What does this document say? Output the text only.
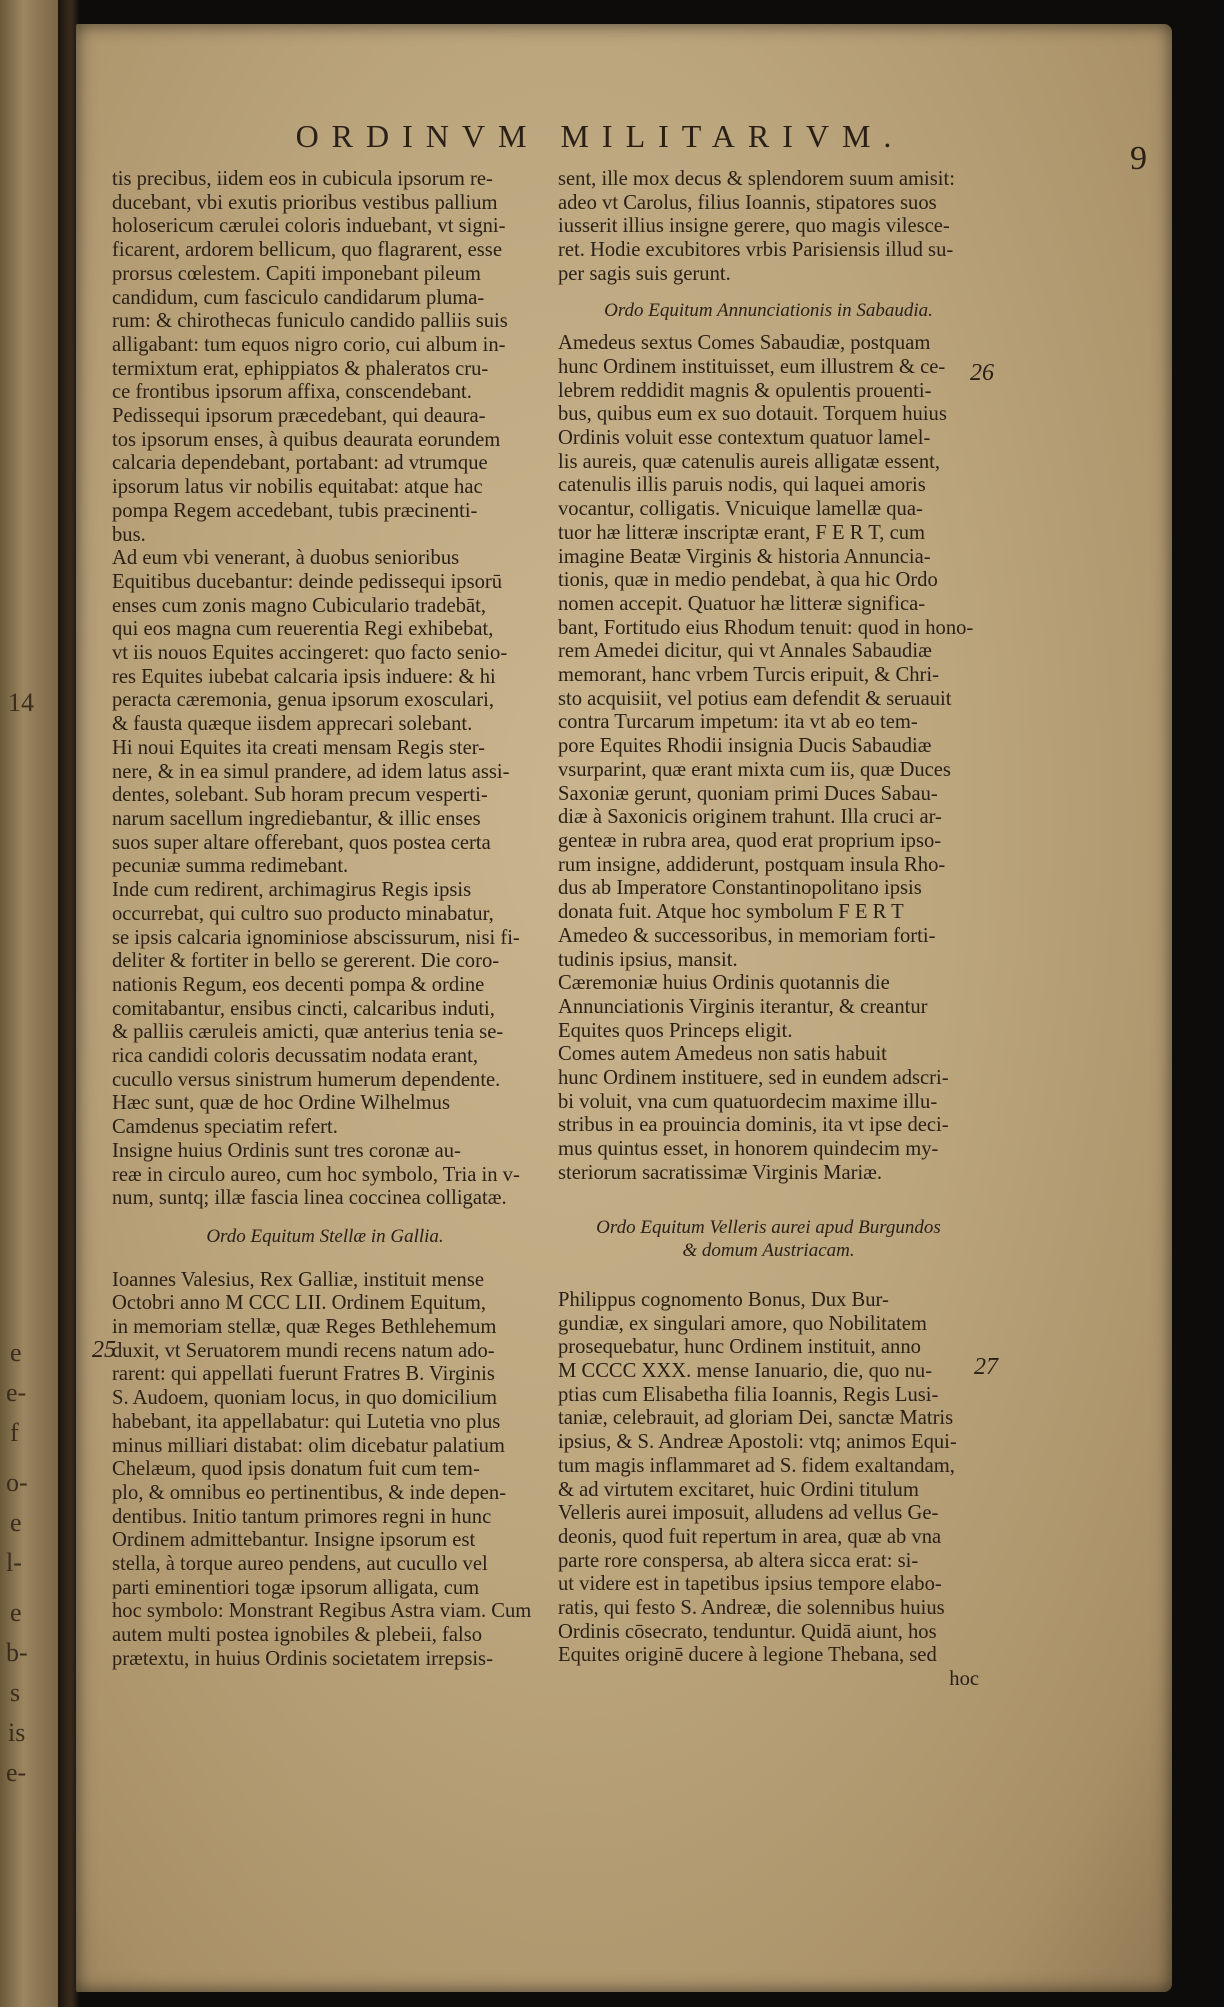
14
e
e-
f
o-
e
l-
e
b-
s
is
e-
ORDINVM MILITARIVM.
9
25
26
27
tis precibus, iidem eos in cubicula ipsorum re-
ducebant, vbi exutis prioribus vestibus pallium
holosericum cærulei coloris induebant, vt signi-
ficarent, ardorem bellicum, quo flagrarent, esse
prorsus cœlestem. Capiti imponebant pileum
candidum, cum fasciculo candidarum pluma-
rum: & chirothecas funiculo candido palliis suis
alligabant: tum equos nigro corio, cui album in-
termixtum erat, ephippiatos & phaleratos cru-
ce frontibus ipsorum affixa, conscendebant.
Pedissequi ipsorum præcedebant, qui deaura-
tos ipsorum enses, à quibus deaurata eorundem
calcaria dependebant, portabant: ad vtrumque
ipsorum latus vir nobilis equitabat: atque hac
pompa Regem accedebant, tubis præcinenti-
bus.
Ad eum vbi venerant, à duobus senioribus
Equitibus ducebantur: deinde pedissequi ipsorū
enses cum zonis magno Cubiculario tradebāt,
qui eos magna cum reuerentia Regi exhibebat,
vt iis nouos Equites accingeret: quo facto senio-
res Equites iubebat calcaria ipsis induere: & hi
peracta cæremonia, genua ipsorum exosculari,
& fausta quæque iisdem apprecari solebant.
Hi noui Equites ita creati mensam Regis ster-
nere, & in ea simul prandere, ad idem latus assi-
dentes, solebant. Sub horam precum vesperti-
narum sacellum ingrediebantur, & illic enses
suos super altare offerebant, quos postea certa
pecuniæ summa redimebant.
Inde cum redirent, archimagirus Regis ipsis
occurrebat, qui cultro suo producto minabatur,
se ipsis calcaria ignominiose abscissurum, nisi fi-
deliter & fortiter in bello se gererent. Die coro-
nationis Regum, eos decenti pompa & ordine
comitabantur, ensibus cincti, calcaribus induti,
& palliis cæruleis amicti, quæ anterius tenia se-
rica candidi coloris decussatim nodata erant,
cucullo versus sinistrum humerum dependente.
Hæc sunt, quæ de hoc Ordine Wilhelmus
Camdenus speciatim refert.
Insigne huius Ordinis sunt tres coronæ au-
reæ in circulo aureo, cum hoc symbolo, Tria in v-
num, suntq; illæ fascia linea coccinea colligatæ.
Ordo Equitum Stellæ in Gallia.
Ioannes Valesius, Rex Galliæ, instituit mense
Octobri anno M CCC LII. Ordinem Equitum,
in memoriam stellæ, quæ Reges Bethlehemum
duxit, vt Seruatorem mundi recens natum ado-
rarent: qui appellati fuerunt Fratres B. Virginis
S. Audoem, quoniam locus, in quo domicilium
habebant, ita appellabatur: qui Lutetia vno plus
minus milliari distabat: olim dicebatur palatium
Chelæum, quod ipsis donatum fuit cum tem-
plo, & omnibus eo pertinentibus, & inde depen-
dentibus. Initio tantum primores regni in hunc
Ordinem admittebantur. Insigne ipsorum est
stella, à torque aureo pendens, aut cucullo vel
parti eminentiori togæ ipsorum alligata, cum
hoc symbolo: Monstrant Regibus Astra viam. Cum
autem multi postea ignobiles & plebeii, falso
prætextu, in huius Ordinis societatem irrepsis-
sent, ille mox decus & splendorem suum amisit:
adeo vt Carolus, filius Ioannis, stipatores suos
iusserit illius insigne gerere, quo magis vilesce-
ret. Hodie excubitores vrbis Parisiensis illud su-
per sagis suis gerunt.
Ordo Equitum Annunciationis in Sabaudia.
Amedeus sextus Comes Sabaudiæ, postquam
hunc Ordinem instituisset, eum illustrem & ce-
lebrem reddidit magnis & opulentis prouenti-
bus, quibus eum ex suo dotauit. Torquem huius
Ordinis voluit esse contextum quatuor lamel-
lis aureis, quæ catenulis aureis alligatæ essent,
catenulis illis paruis nodis, qui laquei amoris
vocantur, colligatis. Vnicuique lamellæ qua-
tuor hæ litteræ inscriptæ erant, F E R T, cum
imagine Beatæ Virginis & historia Annuncia-
tionis, quæ in medio pendebat, à qua hic Ordo
nomen accepit. Quatuor hæ litteræ significa-
bant, Fortitudo eius Rhodum tenuit: quod in hono-
rem Amedei dicitur, qui vt Annales Sabaudiæ
memorant, hanc vrbem Turcis eripuit, & Chri-
sto acquisiit, vel potius eam defendit & seruauit
contra Turcarum impetum: ita vt ab eo tem-
pore Equites Rhodii insignia Ducis Sabaudiæ
vsurparint, quæ erant mixta cum iis, quæ Duces
Saxoniæ gerunt, quoniam primi Duces Sabau-
diæ à Saxonicis originem trahunt. Illa cruci ar-
genteæ in rubra area, quod erat proprium ipso-
rum insigne, addiderunt, postquam insula Rho-
dus ab Imperatore Constantinopolitano ipsis
donata fuit. Atque hoc symbolum F E R T
Amedeo & successoribus, in memoriam forti-
tudinis ipsius, mansit.
Cæremoniæ huius Ordinis quotannis die
Annunciationis Virginis iterantur, & creantur
Equites quos Princeps eligit.
Comes autem Amedeus non satis habuit
hunc Ordinem instituere, sed in eundem adscri-
bi voluit, vna cum quatuordecim maxime illu-
stribus in ea prouincia dominis, ita vt ipse deci-
mus quintus esset, in honorem quindecim my-
steriorum sacratissimæ Virginis Mariæ.
Ordo Equitum Velleris aurei apud Burgundos
& domum Austriacam.
Philippus cognomento Bonus, Dux Bur-
gundiæ, ex singulari amore, quo Nobilitatem
prosequebatur, hunc Ordinem instituit, anno
M CCCC XXX. mense Ianuario, die, quo nu-
ptias cum Elisabetha filia Ioannis, Regis Lusi-
taniæ, celebrauit, ad gloriam Dei, sanctæ Matris
ipsius, & S. Andreæ Apostoli: vtq; animos Equi-
tum magis inflammaret ad S. fidem exaltandam,
& ad virtutem excitaret, huic Ordini titulum
Velleris aurei imposuit, alludens ad vellus Ge-
deonis, quod fuit repertum in area, quæ ab vna
parte rore conspersa, ab altera sicca erat: si-
ut videre est in tapetibus ipsius tempore elabo-
ratis, qui festo S. Andreæ, die solennibus huius
Ordinis cōsecrato, tenduntur. Quidā aiunt, hos
Equites originē ducere à legione Thebana, sed
hoc
